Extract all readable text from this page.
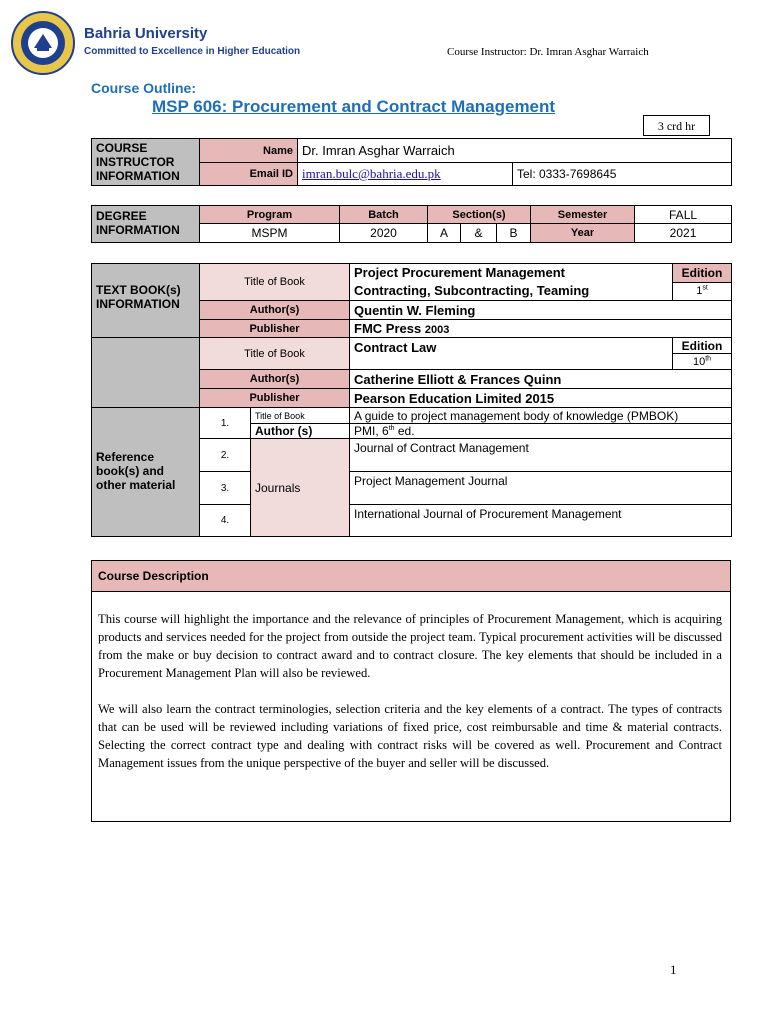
Bahria University
Committed to Excellence in Higher Education	Course Instructor: Dr. Imran Asghar Warraich
Course Outline:
MSP 606: Procurement and Contract Management
3 crd hr
COURSE INSTRUCTOR INFORMATION	Name	Dr. Imran Asghar Warraich	
	Email ID	imran.bulc@bahria.edu.pk	Tel: 0333-7698645
DEGREE INFORMATION	Program	Batch	Section(s)			Semester	FALL
	MSPM	2020	A	&	B	Year	2021
TEXT BOOK(s) INFORMATION	Title of Book		Project Procurement Management
Contracting, Subcontracting, Teaming	Edition
				1st
	Author(s)		Quentin W. Fleming	
	Publisher		FMC Press 2003	
	Title of Book		Contract Law	Edition
				10th
	Author(s)		Catherine Elliott & Frances Quinn	
	Publisher		Pearson Education Limited 2015	
Reference book(s) and other material	1.	Title of Book	A guide to project management body of knowledge (PMBOK)	
		Author (s)	PMI, 6th ed.	
	2.	Journals	Journal of Contract Management	
	3.		Project Management Journal	
	4.		International Journal of Procurement Management	
Course Description

This course will highlight the importance and the relevance of principles of Procurement Management, which is acquiring products and services needed for the project from outside the project team. Typical procurement activities will be discussed from the make or buy decision to contract award and to contract closure. The key elements that should be included in a Procurement Management Plan will also be reviewed.

We will also learn the contract terminologies, selection criteria and the key elements of a contract. The types of contracts that can be used will be reviewed including variations of fixed price, cost reimbursable and time & material contracts. Selecting the correct contract type and dealing with contract risks will be covered as well. Procurement and Contract Management issues from the unique perspective of the buyer and seller will be discussed.

1
